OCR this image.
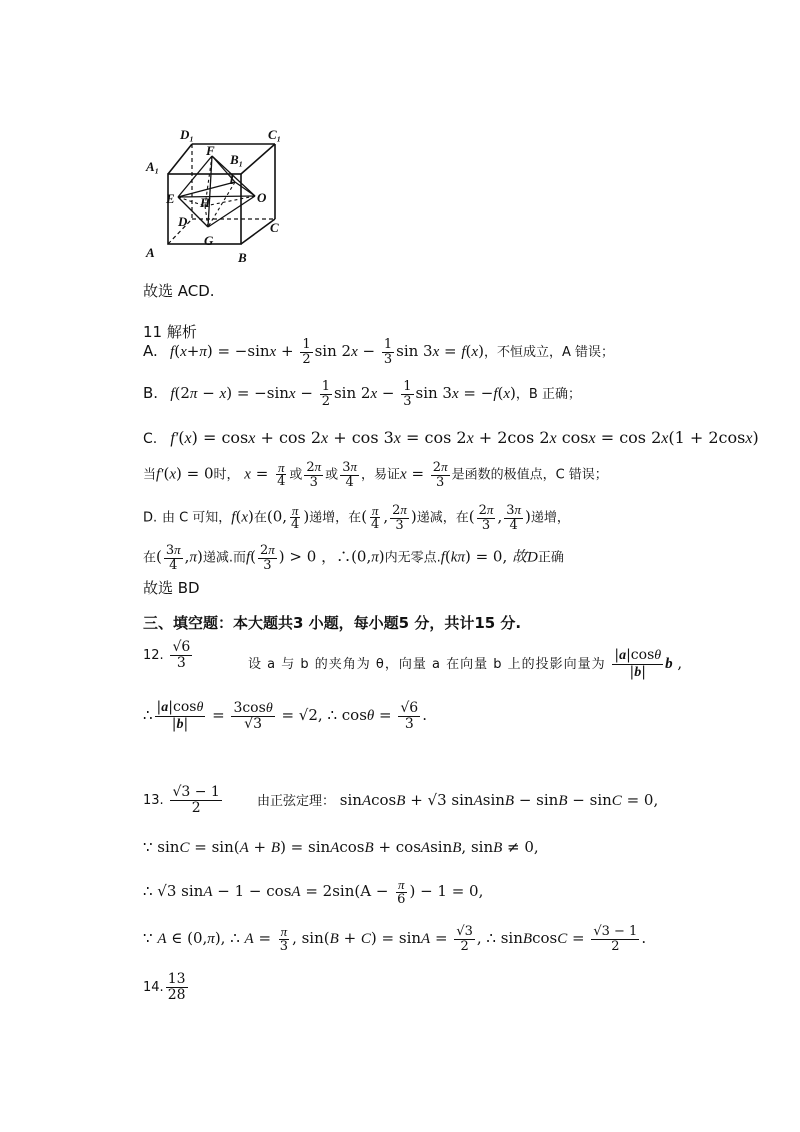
D₁	C₁
A₁	B₁
F
I
E	O
H
D	C
G
A	B
故选 ACD.
11 解析
A.   $f(x+\pi) = -\sin x + \frac{1}{2}$ $\sin 2x - \frac{1}{3}$ sin 3x = f(x)，不恒成立，A 错误；
B.   $f(2\pi - x) = -\sin x - \frac{1}{2}$ $\sin 2x - \frac{1}{3}$ sin 3x = −f(x)，B 正确；
C.   f′(x) = cosx + cos 2x + cos 3x = cos 2x + 2cos 2x cosx = cos 2x(1 + 2cosx)
当f′(x) = 0时， $x = \frac{\pi}{4}$ 或 $\frac{2\pi}{3}$ 或 $\frac{3\pi}{4}$ ，易证$x = \frac{2\pi}{3}$ 是函数的极值点，C 错误；
D. 由 C 可知，f(x)在(0, $\frac{\pi}{4}$ )递增，在( $\frac{\pi}{4}$ , $\frac{2\pi}{3}$ )递减，在( $\frac{2\pi}{3}$ , $\frac{3\pi}{4}$ )递增，
在( $\frac{3\pi}{4} ,\pi$)递减.而$f( \frac{2\pi}{3}$ ) > 0 ，∴(0,π)内无零点.f(kπ) = 0, 故D正确
故选 BD
三、填空题：本大题共3 小题，每小题5 分，共计15 分.
12. $\frac{√6}{3}$	设 a 与 b 的夹角为 θ，向量 a 在向量 b 上的投影向量为 $\frac{|a|\cos\theta}{|b|}$ b ,
∴ $\frac{|a|\cos\theta}{|b|} = \frac{3\cos\theta}{√3} = √2$, ∴ $\cos\theta = \frac{√6}{3}$ .
13. $\frac{√3 - 1}{2}$	由正弦定理： sinAcosB + √3 sinAsinB − sinB − sinC = 0,
∵ sinC = sin(A + B) = sinAcosB + cosAsinB, sinB ≠ 0,
∴ √3 $\sin A - 1 - \cos A = 2\sin(A - \frac{\pi}{6}$ ) − 1 = 0,
∵ A ∈ (0,π), ∴ $A = \frac{\pi}{3}$ , $\sin(B + C) = \sin A = \frac{√3}{2}$ , ∴ sinBcosC = $\frac{√3 - 1}{2}$ .
14. $\frac{13}{28}$
